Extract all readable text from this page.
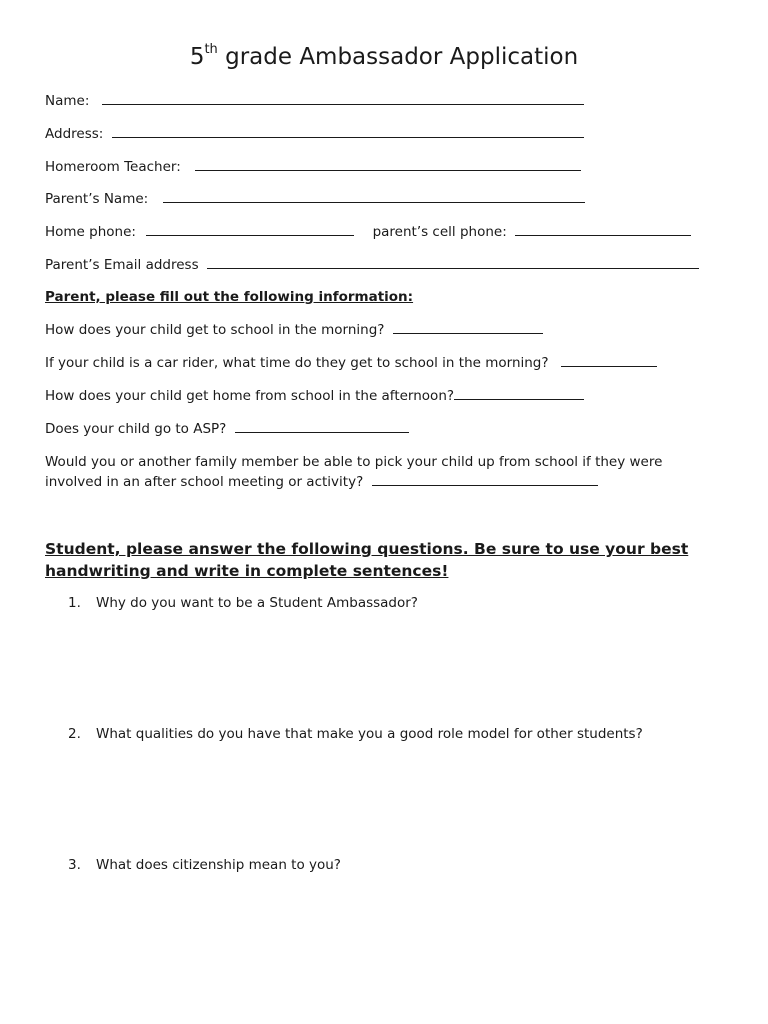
5th grade Ambassador Application

Name:

Address:

Homeroom Teacher:

Parent’s Name:

Home phone:	parent’s cell phone:

Parent’s Email address

Parent, please fill out the following information:

How does your child get to school in the morning?

If your child is a car rider, what time do they get to school in the morning?

How does your child get home from school in the afternoon?

Does your child go to ASP?

Would you or another family member be able to pick your child up from school if they were
involved in an after school meeting or activity?
Student, please answer the following questions. Be sure to use your best
handwriting and write in complete sentences!

1. Why do you want to be a Student Ambassador?

2. What qualities do you have that make you a good role model for other students?

3. What does citizenship mean to you?
